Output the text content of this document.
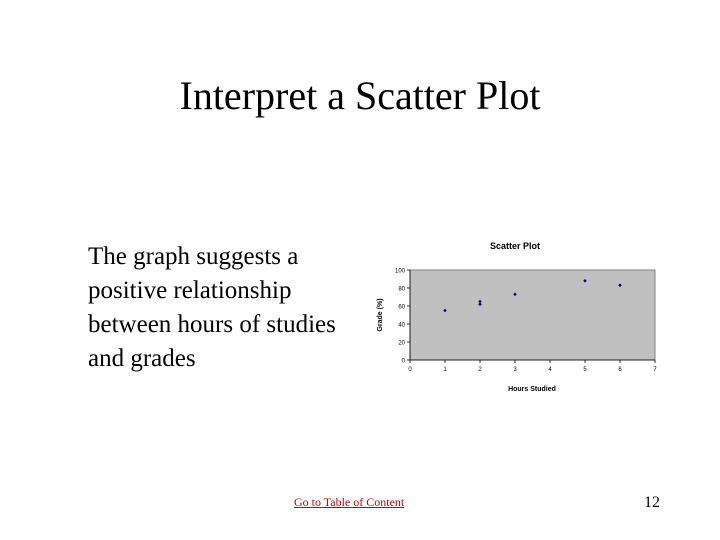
Interpret a Scatter Plot
The graph suggests a positive relationship between hours of studies and grades
Scatter Plot
0
20
40
60
80
100
0	1	2	3	4	5	6	7
Hours Studied
Grade (%)
Go to Table of Content	12
